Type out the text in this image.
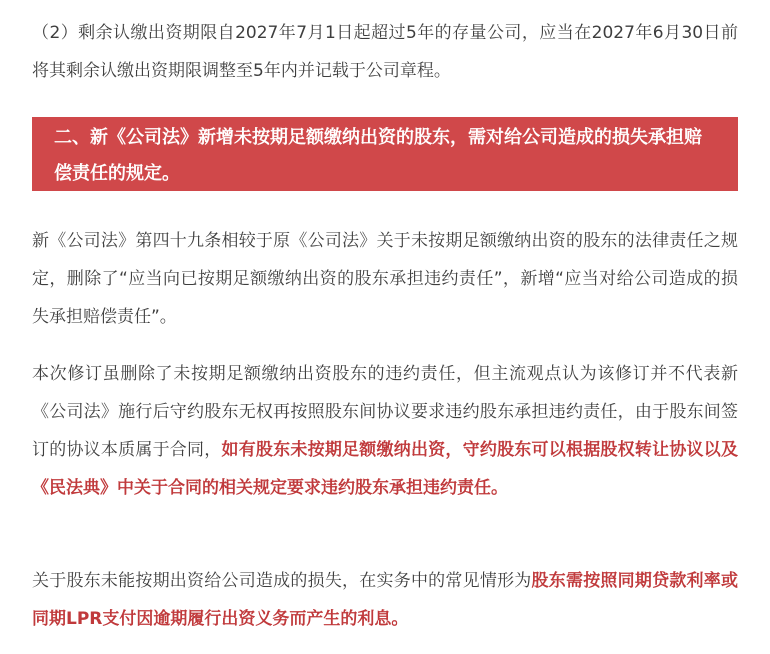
（2）剩余认缴出资期限自2027年7月1日起超过5年的存量公司，应当在2027年6月30日前将其剩余认缴出资期限调整至5年内并记载于公司章程。

二、新《公司法》新增未按期足额缴纳出资的股东，需对给公司造成的损失承担赔偿责任的规定。

新《公司法》第四十九条相较于原《公司法》关于未按期足额缴纳出资的股东的法律责任之规定，删除了“应当向已按期足额缴纳出资的股东承担违约责任”，新增“应当对给公司造成的损失承担赔偿责任”。

本次修订虽删除了未按期足额缴纳出资股东的违约责任，但主流观点认为该修订并不代表新《公司法》施行后守约股东无权再按照股东间协议要求违约股东承担违约责任，由于股东间签订的协议本质属于合同，如有股东未按期足额缴纳出资，守约股东可以根据股权转让协议以及《民法典》中关于合同的相关规定要求违约股东承担违约责任。

关于股东未能按期出资给公司造成的损失，在实务中的常见情形为股东需按照同期贷款利率或同期LPR支付因逾期履行出资义务而产生的利息。
